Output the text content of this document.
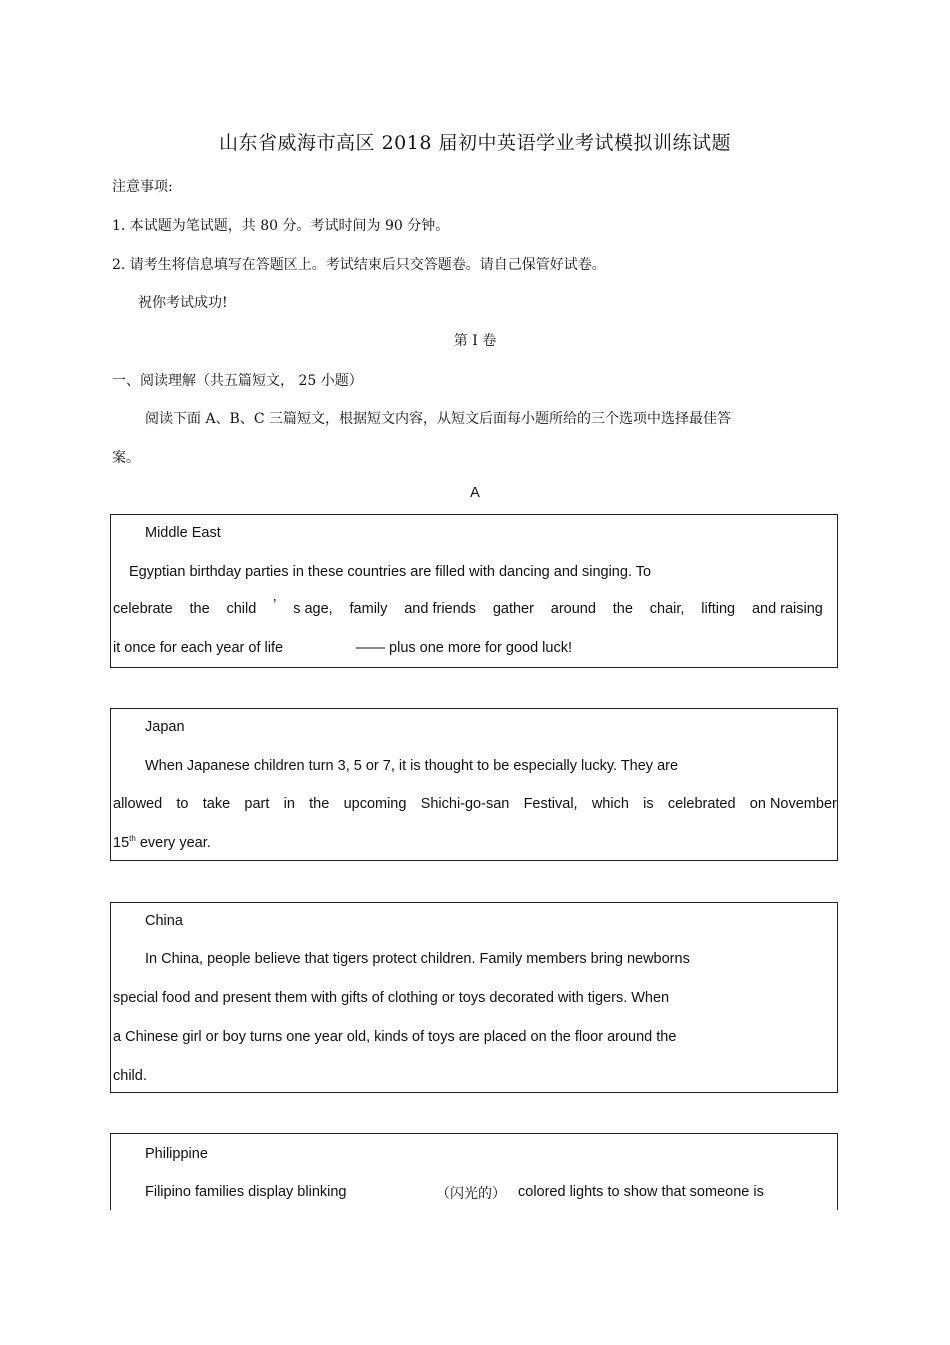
山东省威海市高区 2018 届初中英语学业考试模拟训练试题
注意事项:
1. 本试题为笔试题，共 80 分。考试时间为 90 分钟。
2. 请考生将信息填写在答题区上。考试结束后只交答题卷。请自己保管好试卷。
祝你考试成功!
第 I 卷
一、阅读理解（共五篇短文， 25 小题）
阅读下面 A、B、C 三篇短文，根据短文内容，从短文后面每小题所给的三个选项中选择最佳答
案。
A
Middle East
Egyptian birthday parties in these countries are filled with dancing and singing. To
celebrate the child ’ s age, family and friends gather around the chair, lifting and raising
it once for each year of life	—— plus one more for good luck!
Japan
When Japanese children turn 3, 5 or 7, it is thought to be especially lucky. They are
allowed to take part in the upcoming Shichi-go-san Festival, which is celebrated on November
15th every year.
China
In China, people believe that tigers protect children. Family members bring newborns
special food and present them with gifts of clothing or toys decorated with tigers. When
a Chinese girl or boy turns one year old, kinds of toys are placed on the floor around the
child.
Philippine
Filipino families display blinking	（闪光的） colored lights to show that someone is
